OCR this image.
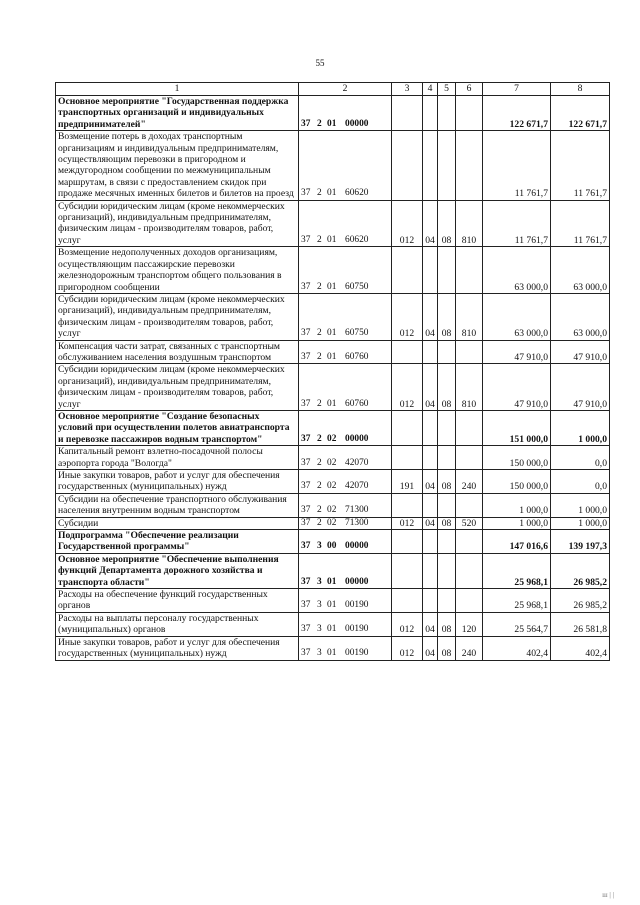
55
1	2	3	4	5	6	7	8
Основное мероприятие "Государственная поддержка транспортных организаций и индивидуальных предпринимателей"	37 2 01 00000					122 671,7	122 671,7
Возмещение потерь в доходах транспортным организациям и индивидуальным предпринимателям, осуществляющим перевозки в пригородном и междугородном сообщении по межмуниципальным маршрутам, в связи с предоставлением скидок при продаже месячных именных билетов и билетов на проезд	37 2 01 60620					11 761,7	11 761,7
Субсидии юридическим лицам (кроме некоммерческих организаций), индивидуальным предпринимателям, физическим лицам - производителям товаров, работ, услуг	37 2 01 60620	012	04	08	810	11 761,7	11 761,7
Возмещение недополученных доходов организациям, осуществляющим пассажирские перевозки железнодорожным транспортом общего пользования в пригородном сообщении	37 2 01 60750					63 000,0	63 000,0
Субсидии юридическим лицам (кроме некоммерческих организаций), индивидуальным предпринимателям, физическим лицам - производителям товаров, работ, услуг	37 2 01 60750	012	04	08	810	63 000,0	63 000,0
Компенсация части затрат, связанных с транспортным обслуживанием населения воздушным транспортом	37 2 01 60760					47 910,0	47 910,0
Субсидии юридическим лицам (кроме некоммерческих организаций), индивидуальным предпринимателям, физическим лицам - производителям товаров, работ, услуг	37 2 01 60760	012	04	08	810	47 910,0	47 910,0
Основное мероприятие "Создание безопасных условий при осуществлении полетов авиатранспорта и перевозке пассажиров водным транспортом"	37 2 02 00000					151 000,0	1 000,0
Капитальный ремонт взлетно-посадочной полосы аэропорта города "Вологда"	37 2 02 42070					150 000,0	0,0
Иные закупки товаров, работ и услуг для обеспечения государственных (муниципальных) нужд	37 2 02 42070	191	04	08	240	150 000,0	0,0
Субсидии на обеспечение транспортного обслуживания населения внутренним водным транспортом	37 2 02 71300					1 000,0	1 000,0
Субсидии	37 2 02 71300	012	04	08	520	1 000,0	1 000,0
Подпрограмма "Обеспечение реализации Государственной программы"	37 3 00 00000					147 016,6	139 197,3
Основное мероприятие "Обеспечение выполнения функций Департамента дорожного хозяйства и транспорта области"	37 3 01 00000					25 968,1	26 985,2
Расходы на обеспечение функций государственных органов	37 3 01 00190					25 968,1	26 985,2
Расходы на выплаты персоналу государственных (муниципальных) органов	37 3 01 00190	012	04	08	120	25 564,7	26 581,8
Иные закупки товаров, работ и услуг для обеспечения государственных (муниципальных) нужд	37 3 01 00190	012	04	08	240	402,4	402,4
ш | |
